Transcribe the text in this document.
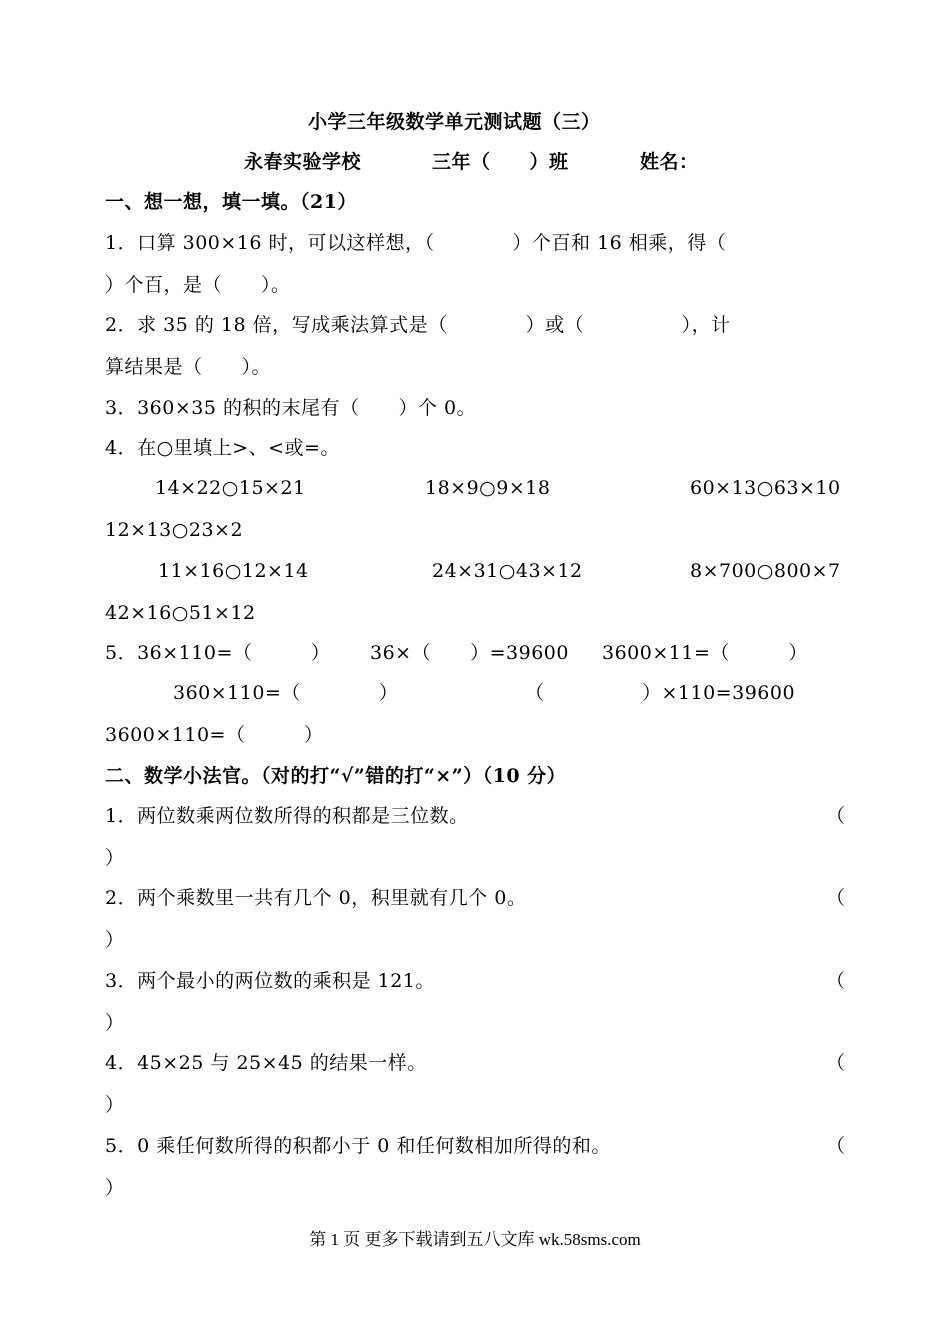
小学三年级数学单元测试题（三）
永春实验学校	三年（　　）班	姓名：
一、想一想，填一填。（21）
1．口算 300×16 时，可以这样想，（　　　　）个百和 16 相乘，得（
）个百，是（　　）。
2．求 35 的 18 倍，写成乘法算式是（　　　　）或（　　　　　），计
算结果是（　　）。
3．360×35 的积的末尾有（　　）个 0。
4．在○里填上>、<或=。
14×22○15×21	18×9○9×18	60×13○63×10
12×13○23×2
11×16○12×14	24×31○43×12	8×700○800×7
42×16○51×12
5．36×110=（　　　） 36×（　　）=39600 3600×11=（　　　）
360×110=（　　　　）	（　　　　　）×110=39600
3600×110=（　　　）
二、数学小法官。（对的打“√”错的打“×”）（10 分）
1．两位数乘两位数所得的积都是三位数。	（
）
2．两个乘数里一共有几个 0，积里就有几个 0。	（
）
3．两个最小的两位数的乘积是 121。	（
）
4．45×25 与 25×45 的结果一样。	（
）
5．0 乘任何数所得的积都小于 0 和任何数相加所得的和。	（
）
第 1 页 更多下载请到五八文库 wk.58sms.com
